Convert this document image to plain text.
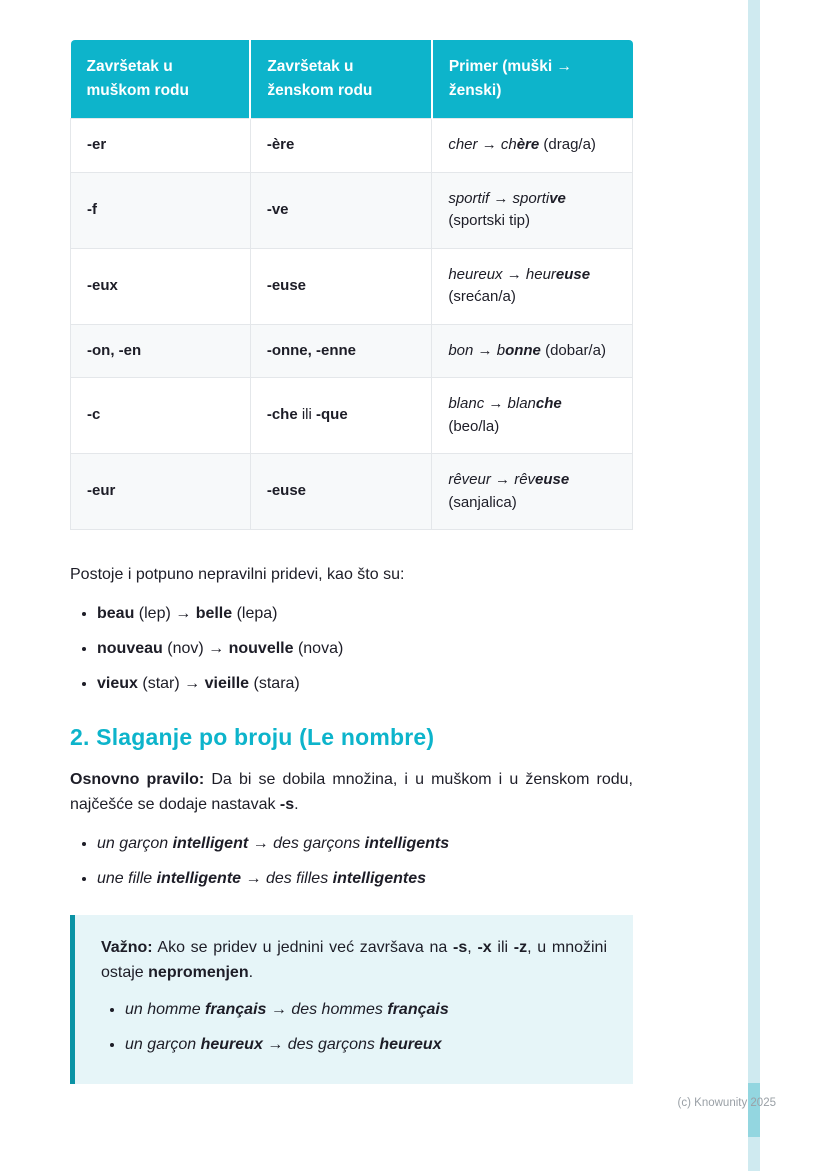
Završetak u muškom rodu	Završetak u ženskom rodu	Primer (muški → ženski)
-er	-ère	cher → chère (drag/a)
-f	-ve	sportif → sportive (sportski tip)
-eux	-euse	heureux → heureuse (srećan/a)
-on, -en	-onne, -enne	bon → bonne (dobar/a)
-c	-che ili -que	blanc → blanche (beo/la)
-eur	-euse	rêveur → rêveuse (sanjalica)

Postoje i potpuno nepravilni pridevi, kao što su:

• beau (lep) → belle (lepa)
• nouveau (nov) → nouvelle (nova)
• vieux (star) → vieille (stara)
2. Slaganje po broju (Le nombre)

Osnovno pravilo: Da bi se dobila množina, i u muškom i u ženskom rodu, najčešće se dodaje nastavak -s.

• un garçon intelligent → des garçons intelligents
• une fille intelligente → des filles intelligentes

Važno: Ako se pridev u jednini već završava na -s, -x ili -z, u množini ostaje nepromenjen.

• un homme français → des hommes français
• un garçon heureux → des garçons heureux
(c) Knowunity 2025
